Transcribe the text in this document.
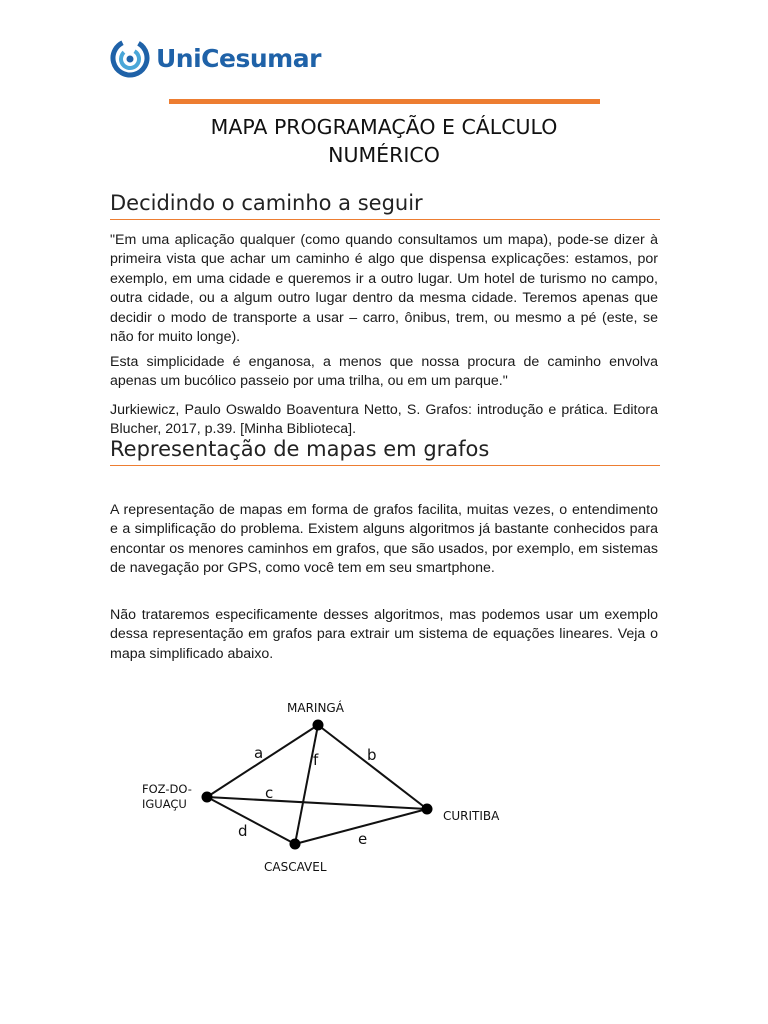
UniCesumar
MAPA PROGRAMAÇÃO E CÁLCULO
NUMÉRICO
Decidindo o caminho a seguir

"Em uma aplicação qualquer (como quando consultamos um mapa), pode-se dizer à primeira vista que achar um caminho é algo que dispensa explicações: estamos, por exemplo, em uma cidade e queremos ir a outro lugar. Um hotel de turismo no campo, outra cidade, ou a algum outro lugar dentro da mesma cidade. Teremos apenas que decidir o modo de transporte a usar – carro, ônibus, trem, ou mesmo a pé (este, se não for muito longe).

Esta simplicidade é enganosa, a menos que nossa procura de caminho envolva apenas um bucólico passeio por uma trilha, ou em um parque."

Jurkiewicz, Paulo Oswaldo Boaventura Netto, S. Grafos: introdução e prática. Editora Blucher, 2017, p.39. [Minha Biblioteca].

Representação de mapas em grafos

A representação de mapas em forma de grafos facilita, muitas vezes, o entendimento e a simplificação do problema. Existem alguns algoritmos já bastante conhecidos para encontar os menores caminhos em grafos, que são usados, por exemplo, em sistemas de navegação por GPS, como você tem em seu smartphone.

Não trataremos especificamente desses algoritmos, mas podemos usar um exemplo dessa representação em grafos para extrair um sistema de equações lineares. Veja o mapa simplificado abaixo.

MARINGÁ
FOZ-DO-
IGUAÇU
CURITIBA
CASCAVEL
a	b
c
d	e
f
